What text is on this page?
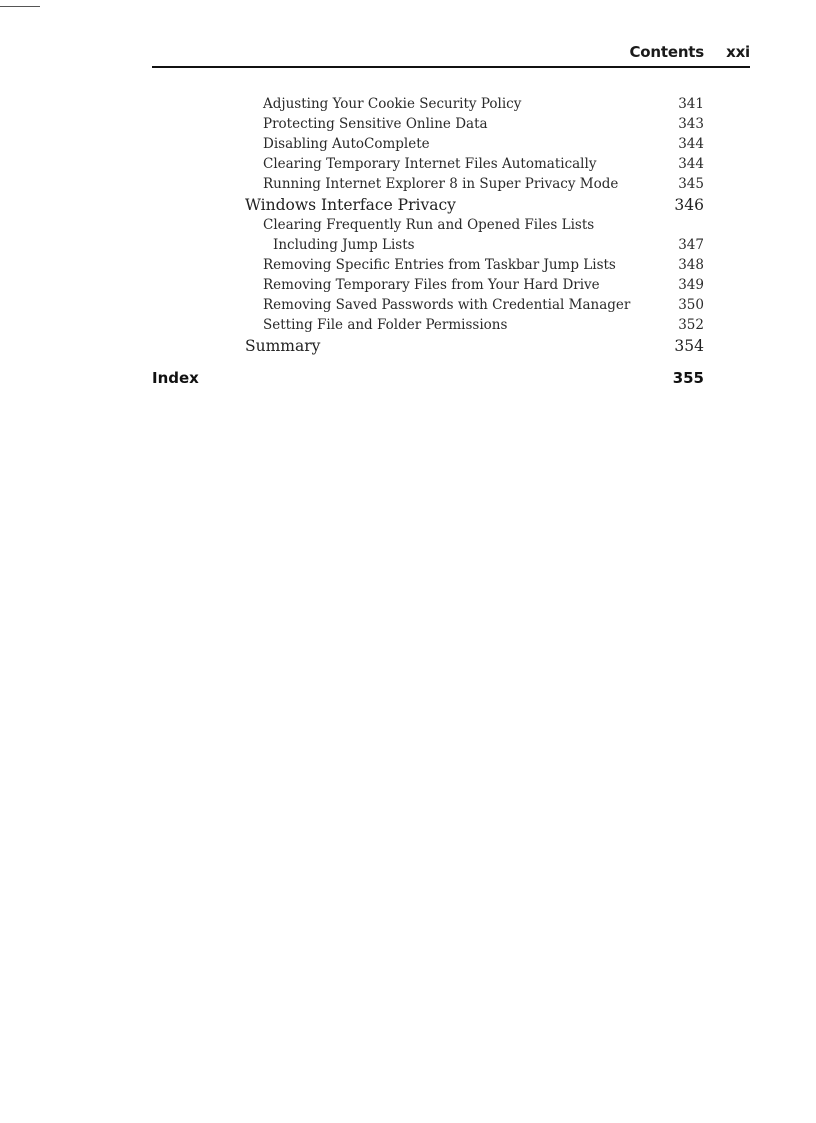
Contents xxi
Adjusting Your Cookie Security Policy	341
Protecting Sensitive Online Data	343
Disabling AutoComplete	344
Clearing Temporary Internet Files Automatically	344
Running Internet Explorer 8 in Super Privacy Mode	345
Windows Interface Privacy	346
Clearing Frequently Run and Opened Files Lists
Including Jump Lists	347
Removing Specific Entries from Taskbar Jump Lists	348
Removing Temporary Files from Your Hard Drive	349
Removing Saved Passwords with Credential Manager	350
Setting File and Folder Permissions	352
Summary	354
Index	355
